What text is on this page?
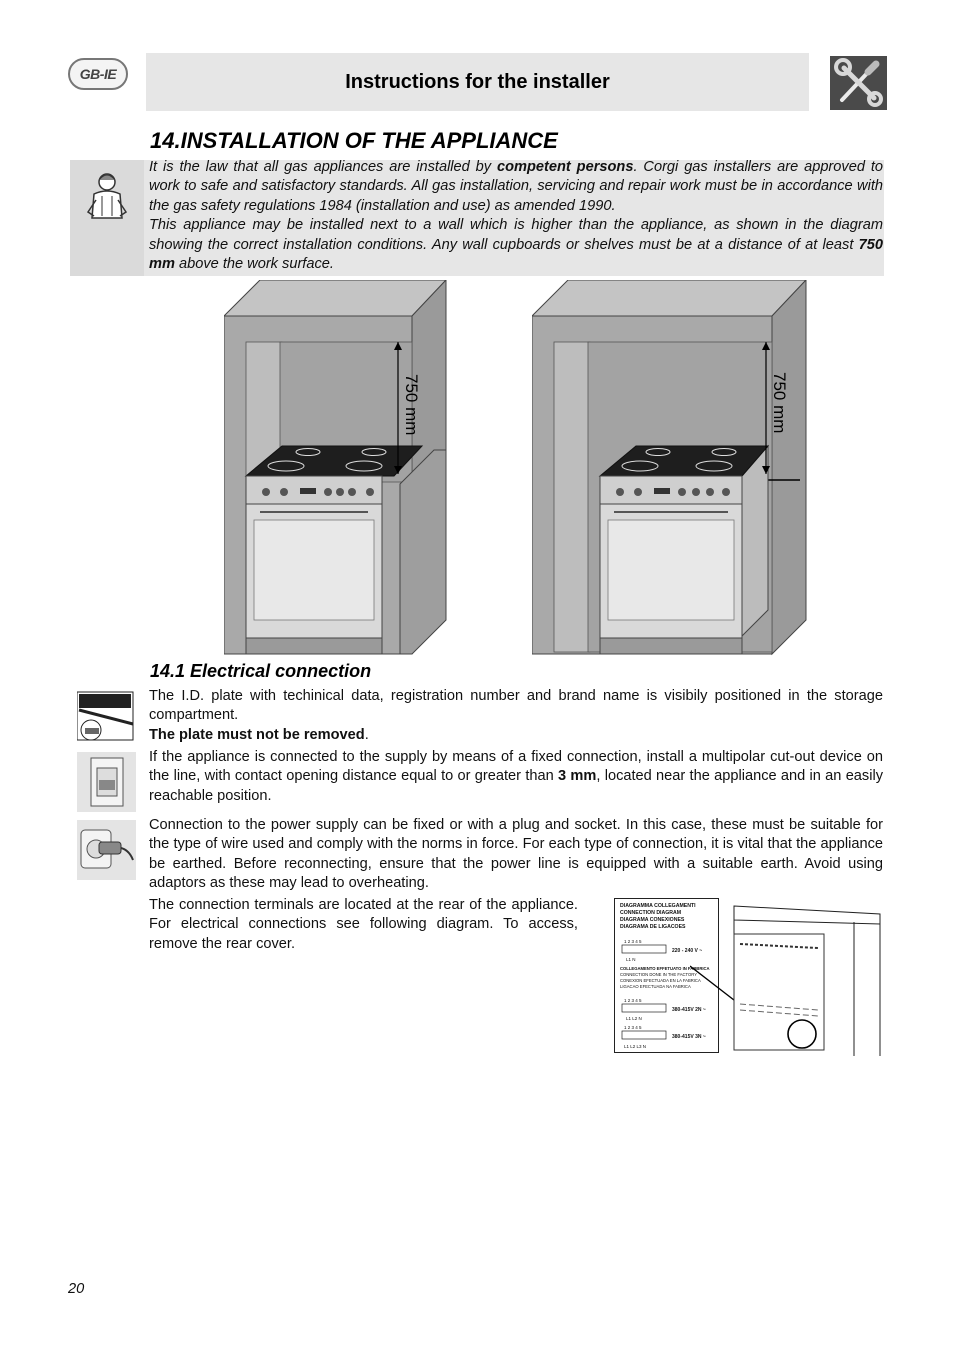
GB-IE	Instructions for the installer
14.INSTALLATION OF THE APPLIANCE

It is the law that all gas appliances are installed by competent persons. Corgi gas installers are approved to work to safe and satisfactory standards. All gas installation, servicing and repair work must be in accordance with the gas safety regulations 1984 (installation and use) as amended 1990.

This appliance may be installed next to a wall which is higher than the appliance, as shown in the diagram showing the correct installation conditions. Any wall cupboards or shelves must be at a distance of at least 750 mm above the work surface.

750 mm	750 mm
14.1 Electrical connection

The I.D. plate with techinical data, registration number and brand name is visibily positioned in the storage compartment.

The plate must not be removed.

If the appliance is connected to the supply by means of a fixed connection, install a multipolar cut-out device on the line, with contact opening distance equal to or greater than 3 mm, located near the appliance and in an easily reachable position.

Connection to the power supply can be fixed or with a plug and socket. In this case, these must be suitable for the type of wire used and comply with the norms in force. For each type of connection, it is vital that the appliance be earthed. Before reconnecting, ensure that the power line is equipped with a suitable earth. Avoid using adaptors as these may lead to overheating.

The connection terminals are located at the rear of the appliance. For electrical connections see following diagram. To access, remove the rear cover.

DIAGRAMMA COLLEGAMENTI
CONNECTION DIAGRAM
DIAGRAMA CONEXIONES
DIAGRAMA DE LIGACOES
1 2 3 4 5
220 - 240 V ~
L1 N
COLLEGAMENTO EFFETUATO IN FABBRICA
CONNECTION DONE IN THE FACTORY
CONEXION EFECTUADA EN LA FABRICA
LIGACAO EFECTUADA NA FABRICA
1 2 3 4 5
380-415V 2N ~
L1 L2 N
1 2 3 4 5
380-415V 3N ~
L1 L2 L3 N
20
